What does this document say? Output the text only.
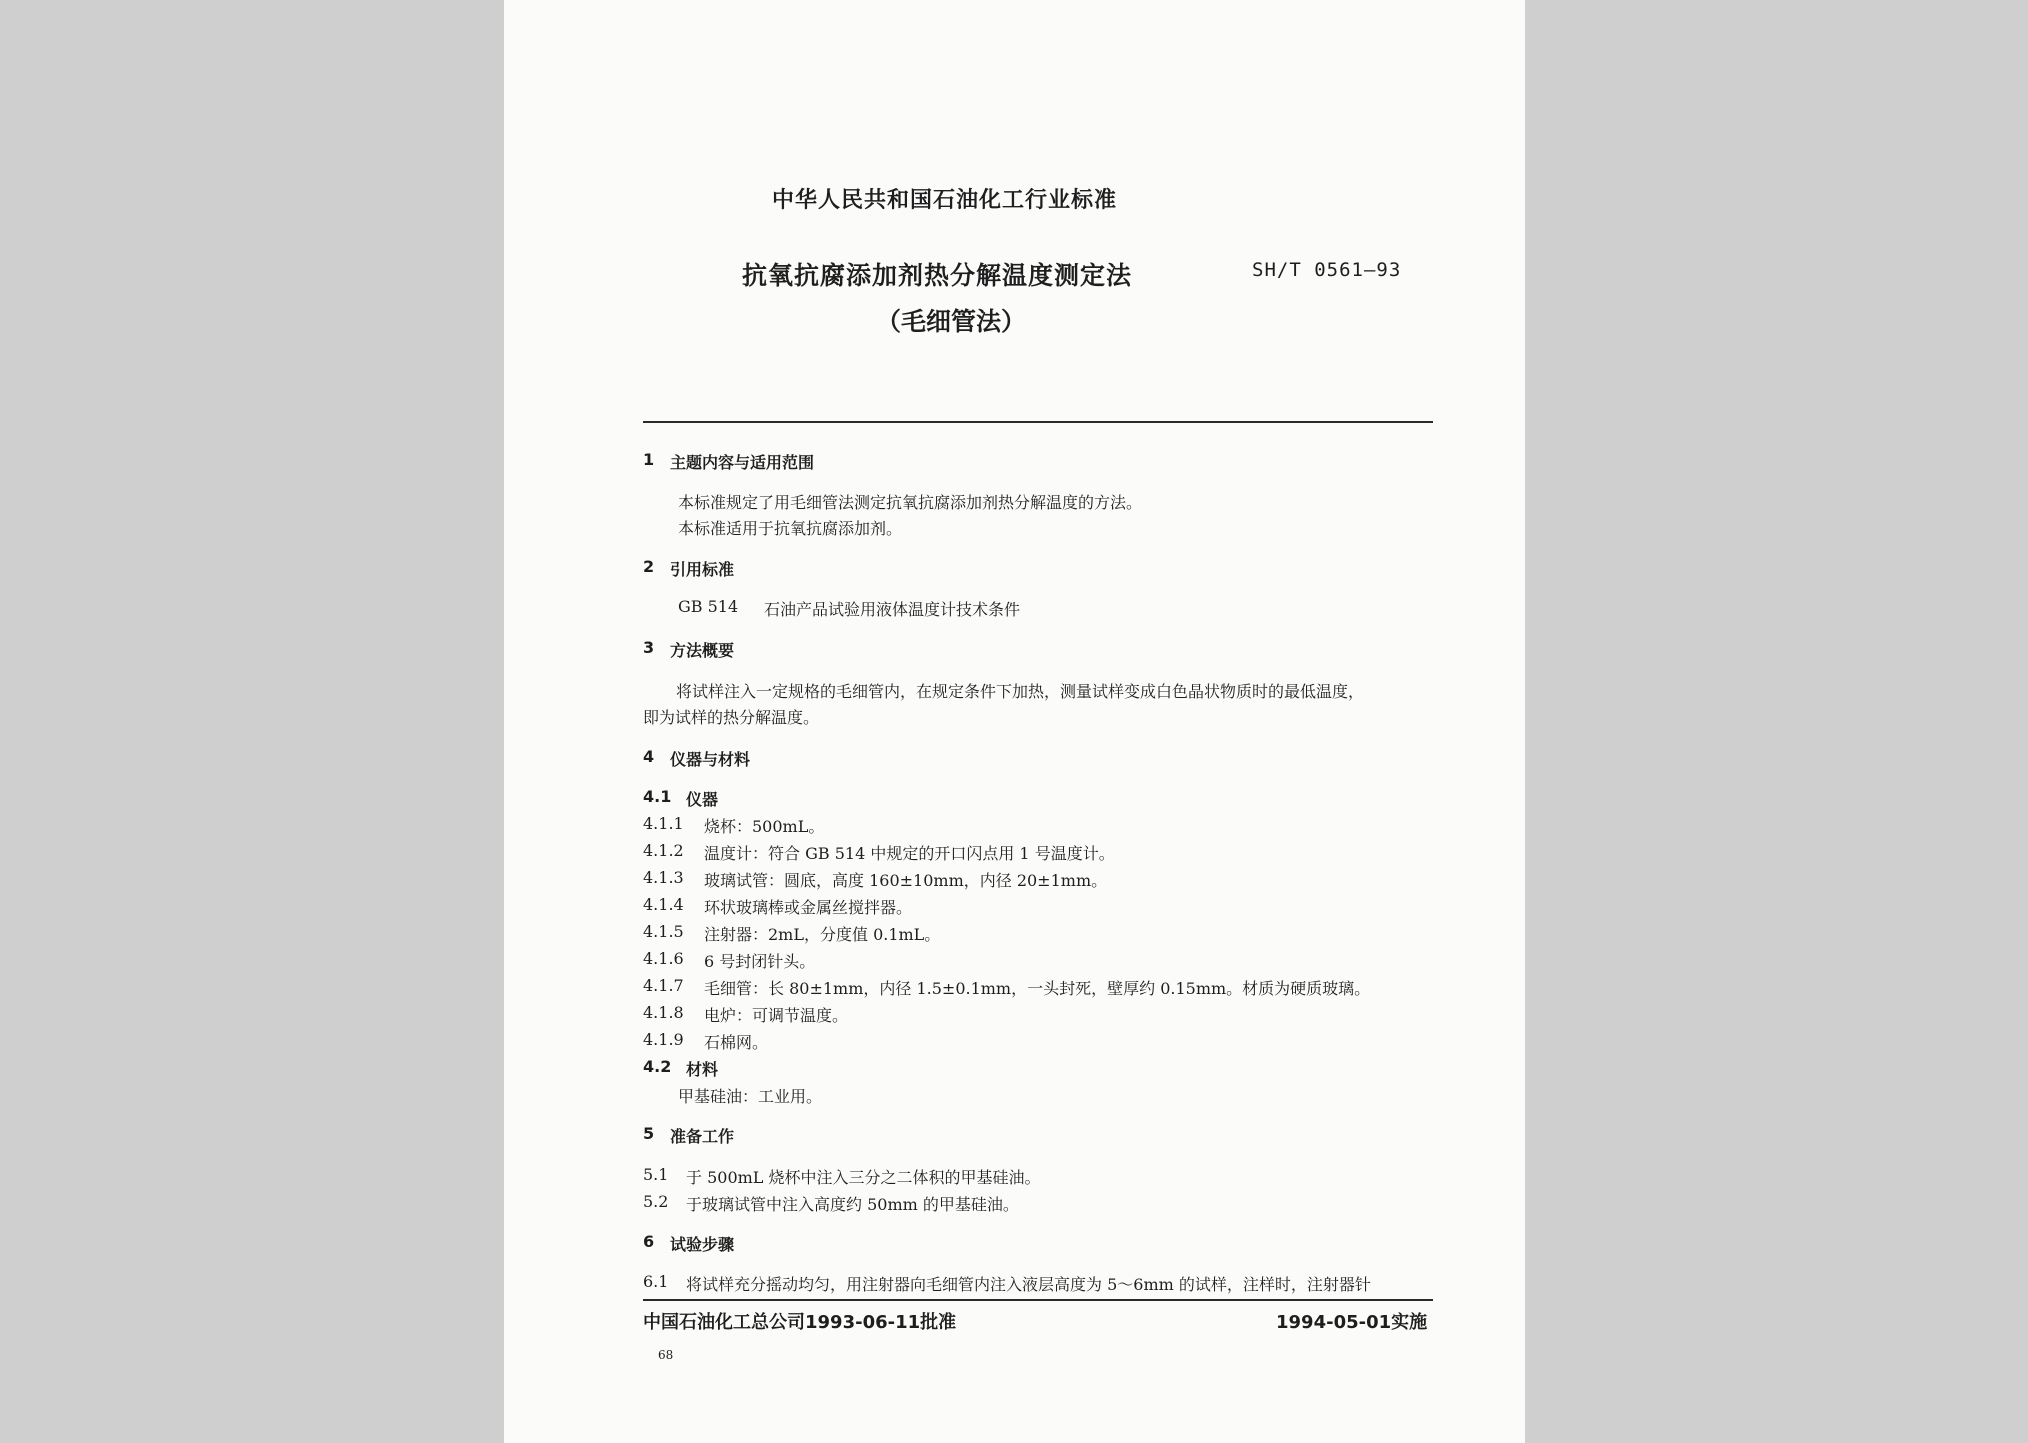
中华人民共和国石油化工行业标准
抗氧抗腐添加剂热分解温度测定法
（毛细管法）
SH/T 0561—93
1 主题内容与适用范围
本标准规定了用毛细管法测定抗氧抗腐添加剂热分解温度的方法。
本标准适用于抗氧抗腐添加剂。
2 引用标准
GB 514 石油产品试验用液体温度计技术条件
3 方法概要
将试样注入一定规格的毛细管内，在规定条件下加热，测量试样变成白色晶状物质时的最低温度，
即为试样的热分解温度。
4 仪器与材料
4.1 仪器
4.1.1 烧杯：500mL。
4.1.2 温度计：符合 GB 514 中规定的开口闪点用 1 号温度计。
4.1.3 玻璃试管：圆底，高度 160±10mm，内径 20±1mm。
4.1.4 环状玻璃棒或金属丝搅拌器。
4.1.5 注射器：2mL，分度值 0.1mL。
4.1.6 6 号封闭针头。
4.1.7 毛细管：长 80±1mm，内径 1.5±0.1mm，一头封死，壁厚约 0.15mm。材质为硬质玻璃。
4.1.8 电炉：可调节温度。
4.1.9 石棉网。
4.2 材料
甲基硅油：工业用。
5 准备工作
5.1 于 500mL 烧杯中注入三分之二体积的甲基硅油。
5.2 于玻璃试管中注入高度约 50mm 的甲基硅油。
6 试验步骤
6.1 将试样充分摇动均匀，用注射器向毛细管内注入液层高度为 5～6mm 的试样，注样时，注射器针
中国石油化工总公司1993-06-11批准	1994-05-01实施
68
